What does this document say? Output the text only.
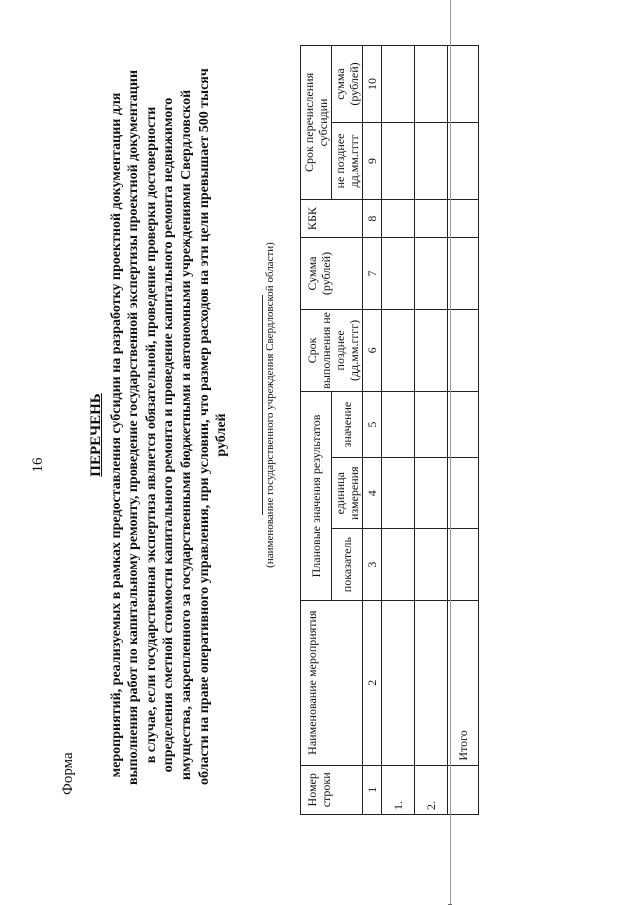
16
Форма
ПЕРЕЧЕНЬ мероприятий, реализуемых в рамках предоставления субсидии на разработку проектной документации для выполнения работ по капитальному ремонту, проведение государственной экспертизы проектной документации в случае, если государственная экспертиза является обязательной, проведение проверки достоверности определения сметной стоимости капитального ремонта и проведение капитального ремонта недвижимого имущества, закрепленного за государственными бюджетными и автономными учреждениями Свердловской области на праве оперативного управления, при условии, что размер расходов на эти цели превышает 500 тысяч рублей	(наименование государственного учреждения Свердловской области)
Номер строки	Наименование мероприятия	Плановые значения результатов			Срок выполнения не позднее (дд.мм.гггг)	Сумма (рублей)	КБК	Срок перечисления субсидии	
		показатель	единица измерения	значение				не позднее дд.мм.гггг	сумма (рублей)
1	2	3	4	5	6	7	8	9	10
1.									
2.									
	Итого								
